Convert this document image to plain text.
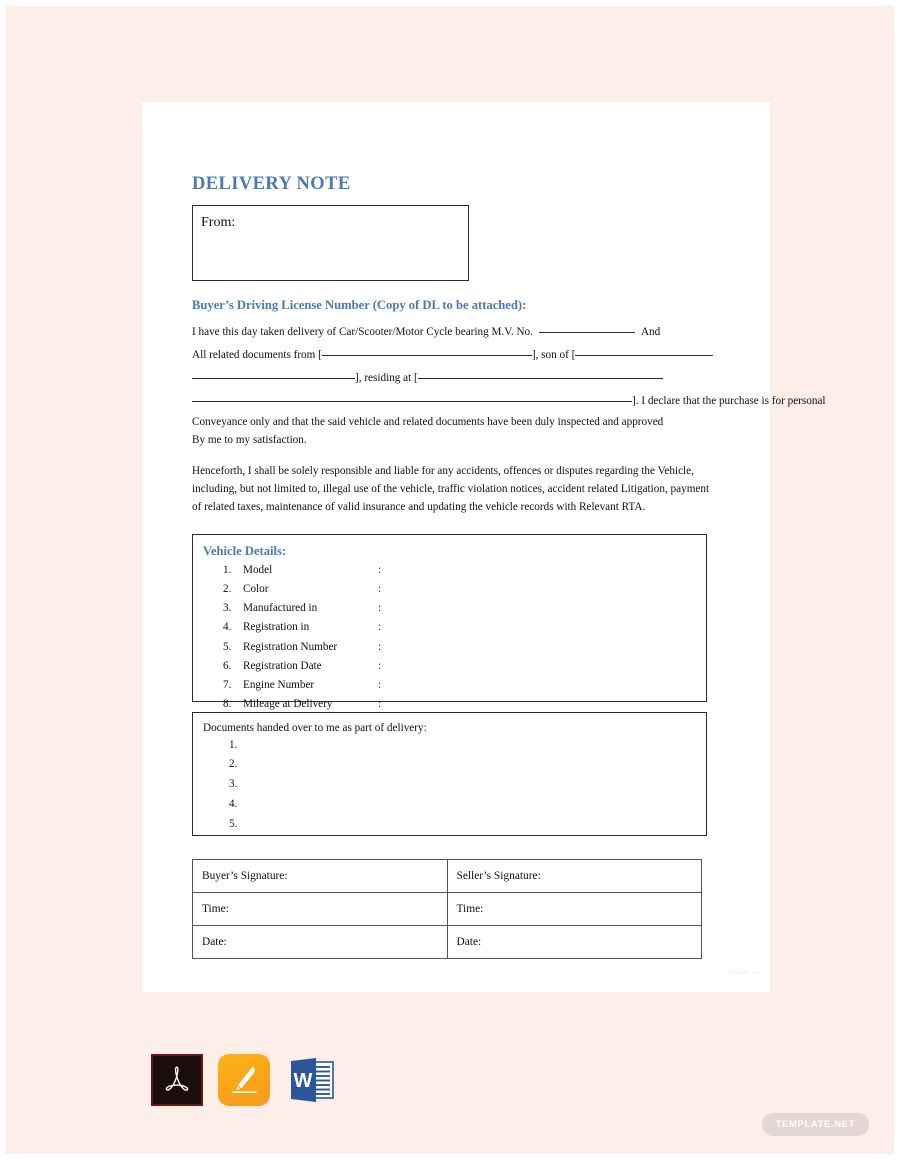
DELIVERY NOTE
From:
Buyer’s Driving License Number (Copy of DL to be attached):
I have this day taken delivery of Car/Scooter/Motor Cycle bearing M.V. No.	And
All related documents from [	], son of [
], residing at [
]. I declare that the purchase is for personal
Conveyance only and that the said vehicle and related documents have been duly inspected and approved
By me to my satisfaction.

Henceforth, I shall be solely responsible and liable for any accidents, offences or disputes regarding the Vehicle, including, but not limited to, illegal use of the vehicle, traffic violation notices, accident related Litigation, payment of related taxes, maintenance of valid insurance and updating the vehicle records with Relevant RTA.

Vehicle Details:
1.	Model	:
2.	Color	:
3.	Manufactured in	:
4.	Registration in	:
5.	Registration Number	:
6.	Registration Date	:
7.	Engine Number	:
8.	Mileage at Delivery	:
Documents handed over to me as part of delivery:
1.
2.
3.
4.
5.
Buyer’s Signature:	Seller’s Signature:
Time:	Time:
Date:	Date:
template.net
W
TEMPLATE.NET
